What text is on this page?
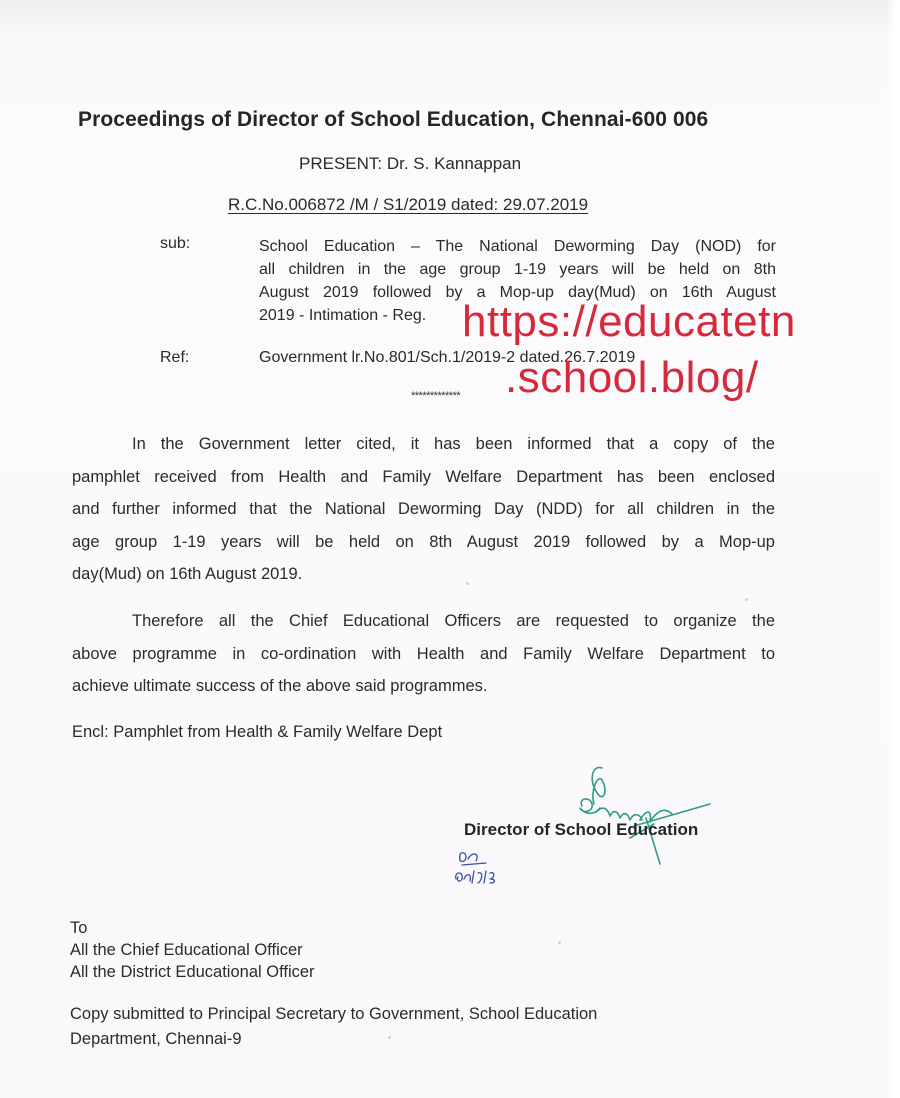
Proceedings of Director of School Education, Chennai-600 006
PRESENT: Dr. S. Kannappan
R.C.No.006872 /M / S1/2019 dated: 29.07.2019
sub:	School Education – The National Deworming Day (NOD) for
all children in the age group 1-19 years will be held on 8th
August 2019 followed by a Mop-up day(Mud) on 16th August
2019 - Intimation - Reg.
Ref:	Government lr.No.801/Sch.1/2019-2 dated.26.7.2019
*************
In the Government letter cited, it has been informed that a copy of the
pamphlet received from Health and Family Welfare Department has been enclosed
and further informed that the National Deworming Day (NDD) for all children in the
age group 1-19 years will be held on 8th August 2019 followed by a Mop-up
day(Mud) on 16th August 2019.
Therefore all the Chief Educational Officers are requested to organize the
above programme in co-ordination with Health and Family Welfare Department to
achieve ultimate success of the above said programmes.
Encl: Pamphlet from Health & Family Welfare Dept
Director of School Education
To
All the Chief Educational Officer
All the District Educational Officer
Copy submitted to Principal Secretary to Government, School Education
Department, Chennai-9
https://educatetn
.school.blog/
